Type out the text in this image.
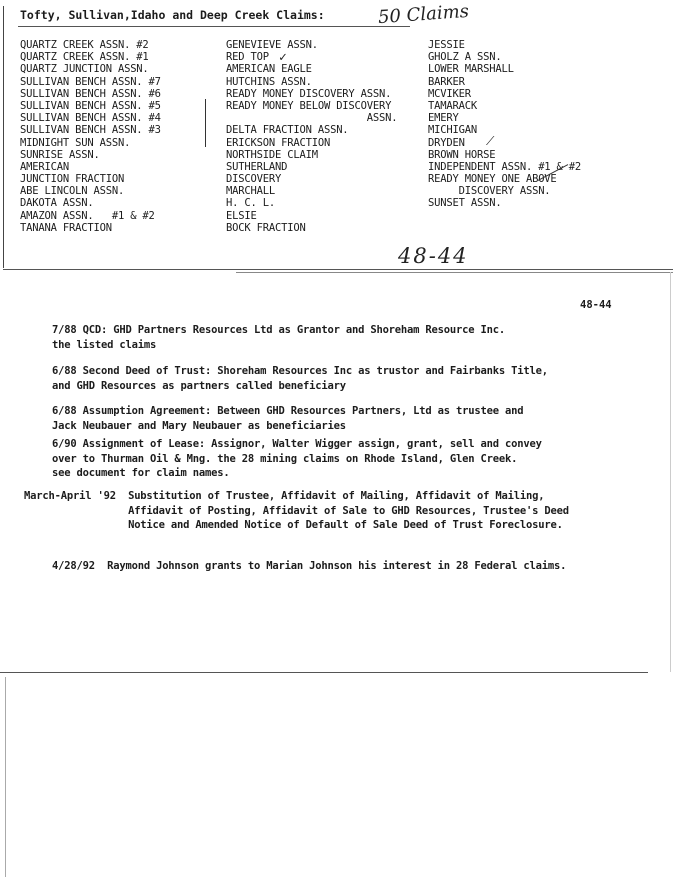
Tofty, Sullivan,Idaho and Deep Creek Claims:	50 Claims
QUARTZ CREEK ASSN. #2
QUARTZ CREEK ASSN. #1
QUARTZ JUNCTION ASSN.
SULLIVAN BENCH ASSN. #7
SULLIVAN BENCH ASSN. #6
SULLIVAN BENCH ASSN. #5
SULLIVAN BENCH ASSN. #4
SULLIVAN BENCH ASSN. #3
MIDNIGHT SUN ASSN.
SUNRISE ASSN.
AMERICAN
JUNCTION FRACTION
ABE LINCOLN ASSN.
DAKOTA ASSN.
AMAZON ASSN.   #1 & #2
TANANA FRACTION
GENEVIEVE ASSN.
RED TOP
AMERICAN EAGLE
HUTCHINS ASSN.
READY MONEY DISCOVERY ASSN.
READY MONEY BELOW DISCOVERY
ASSN.
DELTA FRACTION ASSN.
ERICKSON FRACTION
NORTHSIDE CLAIM
SUTHERLAND
DISCOVERY
MARCHALL
H. C. L.
ELSIE
BOCK FRACTION
✓
JESSIE
GHOLZ A SSN.
LOWER MARSHALL
BARKER
MCVIKER
TAMARACK
EMERY
MICHIGAN
DRYDEN
BROWN HORSE
INDEPENDENT ASSN. #1 & #2
READY MONEY ONE ABOVE
DISCOVERY ASSN.
SUNSET ASSN.
⟋
48-44
48-44
7/88 QCD: GHD Partners Resources Ltd as Grantor and Shoreham Resource Inc.
the listed claims
6/88 Second Deed of Trust: Shoreham Resources Inc as trustor and Fairbanks Title,
and GHD Resources as partners called beneficiary
6/88 Assumption Agreement: Between GHD Resources Partners, Ltd as trustee and
Jack Neubauer and Mary Neubauer as beneficiaries
6/90 Assignment of Lease: Assignor, Walter Wigger assign, grant, sell and convey
over to Thurman Oil & Mng. the 28 mining claims on Rhode Island, Glen Creek.
see document for claim names.
March-April '92  Substitution of Trustee, Affidavit of Mailing, Affidavit of Mailing,
Affidavit of Posting, Affidavit of Sale to GHD Resources, Trustee's Deed
Notice and Amended Notice of Default of Sale Deed of Trust Foreclosure.
4/28/92  Raymond Johnson grants to Marian Johnson his interest in 28 Federal claims.
